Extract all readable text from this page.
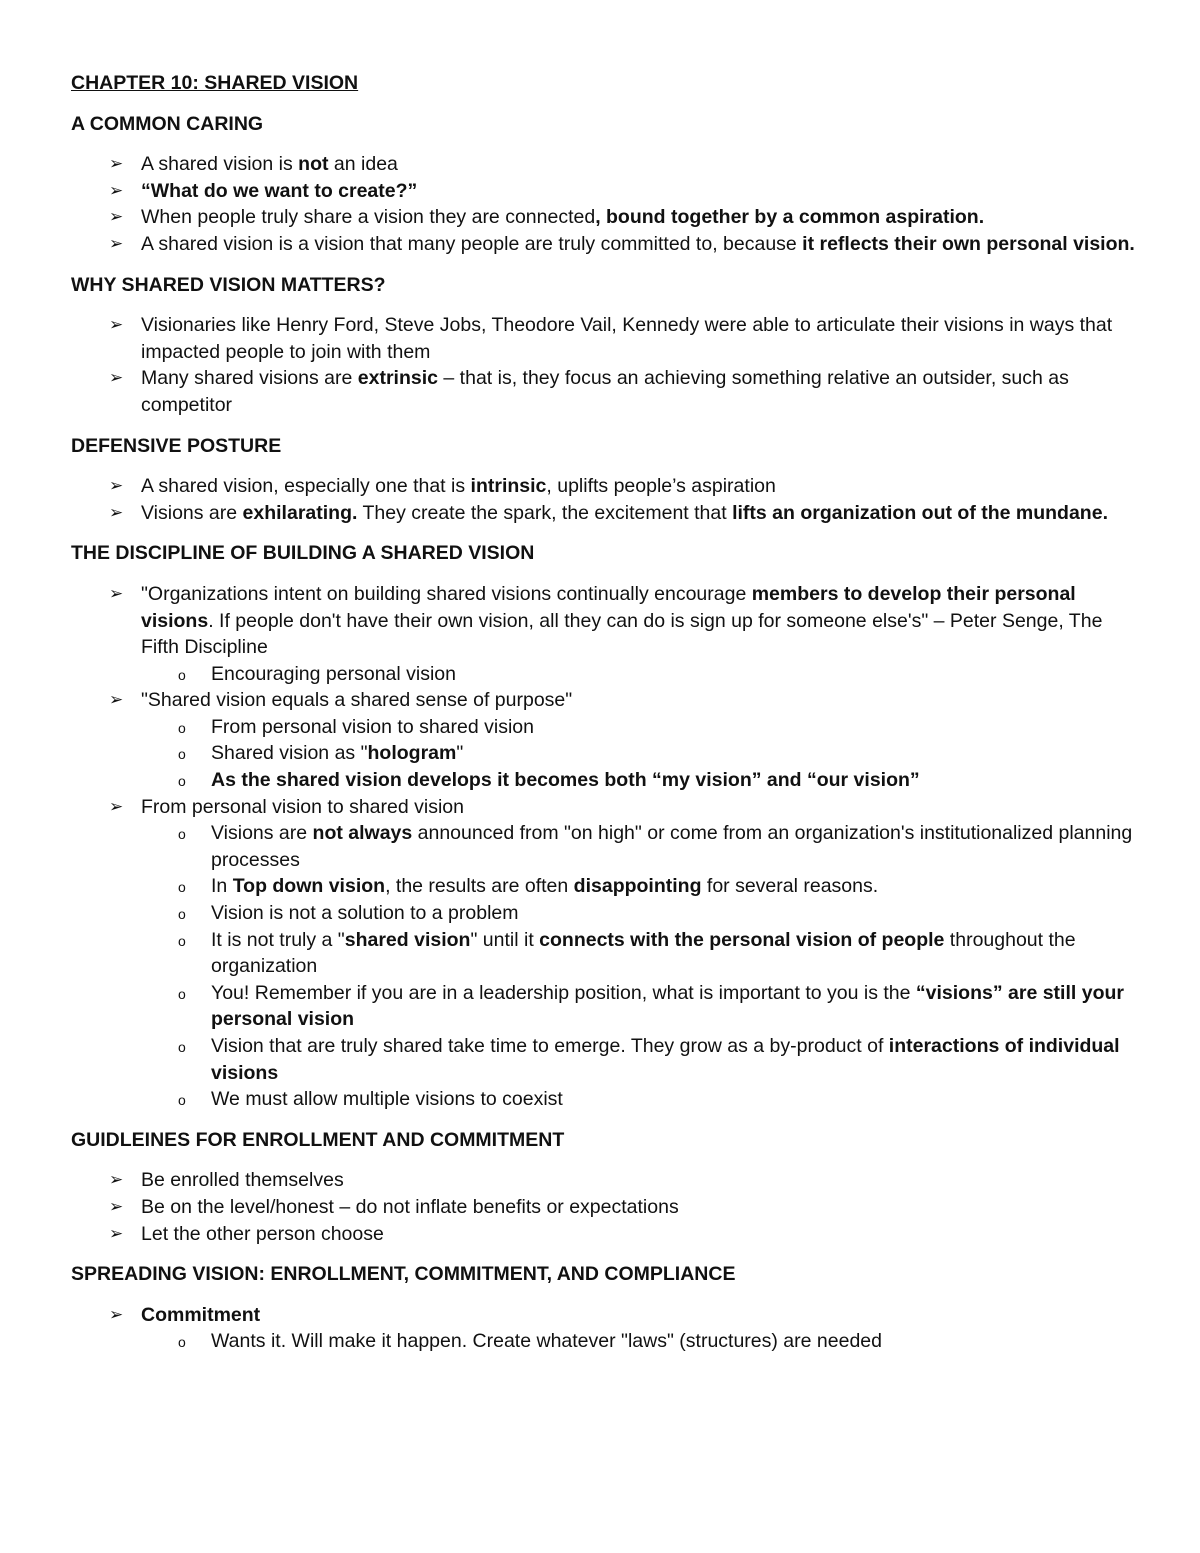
CHAPTER 10: SHARED VISION
A COMMON CARING
➢ A shared vision is not an idea
➢ “What do we want to create?”
➢ When people truly share a vision they are connected, bound together by a common aspiration.
➢ A shared vision is a vision that many people are truly committed to, because it reflects their own personal vision.
WHY SHARED VISION MATTERS?
➢ Visionaries like Henry Ford, Steve Jobs, Theodore Vail, Kennedy were able to articulate their visions in ways that impacted people to join with them
➢ Many shared visions are extrinsic – that is, they focus an achieving something relative an outsider, such as competitor
DEFENSIVE POSTURE
➢ A shared vision, especially one that is intrinsic, uplifts people’s aspiration
➢ Visions are exhilarating. They create the spark, the excitement that lifts an organization out of the mundane.
THE DISCIPLINE OF BUILDING A SHARED VISION
➢ "Organizations intent on building shared visions continually encourage members to develop their personal visions. If people don't have their own vision, all they can do is sign up for someone else's" – Peter Senge, The Fifth Discipline
o Encouraging personal vision
➢ "Shared vision equals a shared sense of purpose"
o From personal vision to shared vision
o Shared vision as "hologram"
o As the shared vision develops it becomes both “my vision” and “our vision”
➢ From personal vision to shared vision
o Visions are not always announced from "on high" or come from an organization's institutionalized planning processes
o In Top down vision, the results are often disappointing for several reasons.
o Vision is not a solution to a problem
o It is not truly a "shared vision" until it connects with the personal vision of people throughout the organization
o You! Remember if you are in a leadership position, what is important to you is the “visions” are still your personal vision
o Vision that are truly shared take time to emerge. They grow as a by-product of interactions of individual visions
o We must allow multiple visions to coexist
GUIDLEINES FOR ENROLLMENT AND COMMITMENT
➢ Be enrolled themselves
➢ Be on the level/honest – do not inflate benefits or expectations
➢ Let the other person choose
SPREADING VISION: ENROLLMENT, COMMITMENT, AND COMPLIANCE
➢ Commitment
o Wants it. Will make it happen. Create whatever "laws" (structures) are needed
